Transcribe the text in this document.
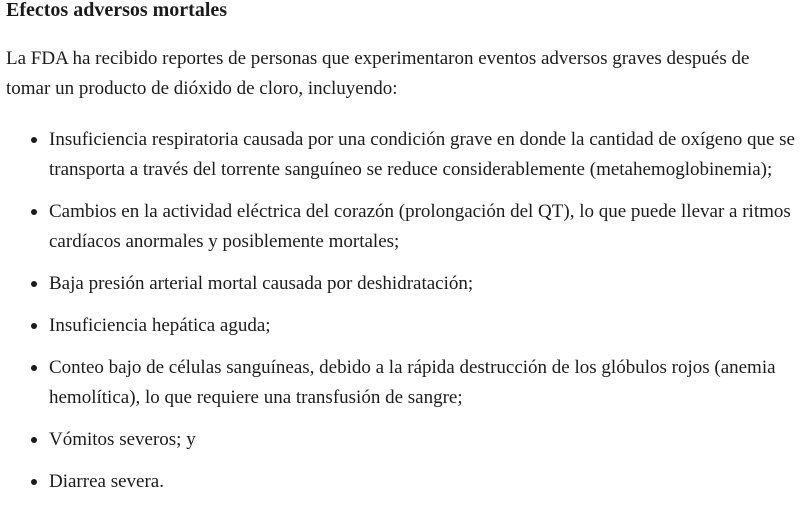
Efectos adversos mortales

La FDA ha recibido reportes de personas que experimentaron eventos adversos graves después de tomar un producto de dióxido de cloro, incluyendo:

Insuficiencia respiratoria causada por una condición grave en donde la cantidad de oxígeno que se transporta a través del torrente sanguíneo se reduce considerablemente (metahemoglobinemia);
Cambios en la actividad eléctrica del corazón (prolongación del QT), lo que puede llevar a ritmos cardíacos anormales y posiblemente mortales;
Baja presión arterial mortal causada por deshidratación;
Insuficiencia hepática aguda;
Conteo bajo de células sanguíneas, debido a la rápida destrucción de los glóbulos rojos (anemia hemolítica), lo que requiere una transfusión de sangre;
Vómitos severos; y
Diarrea severa.
